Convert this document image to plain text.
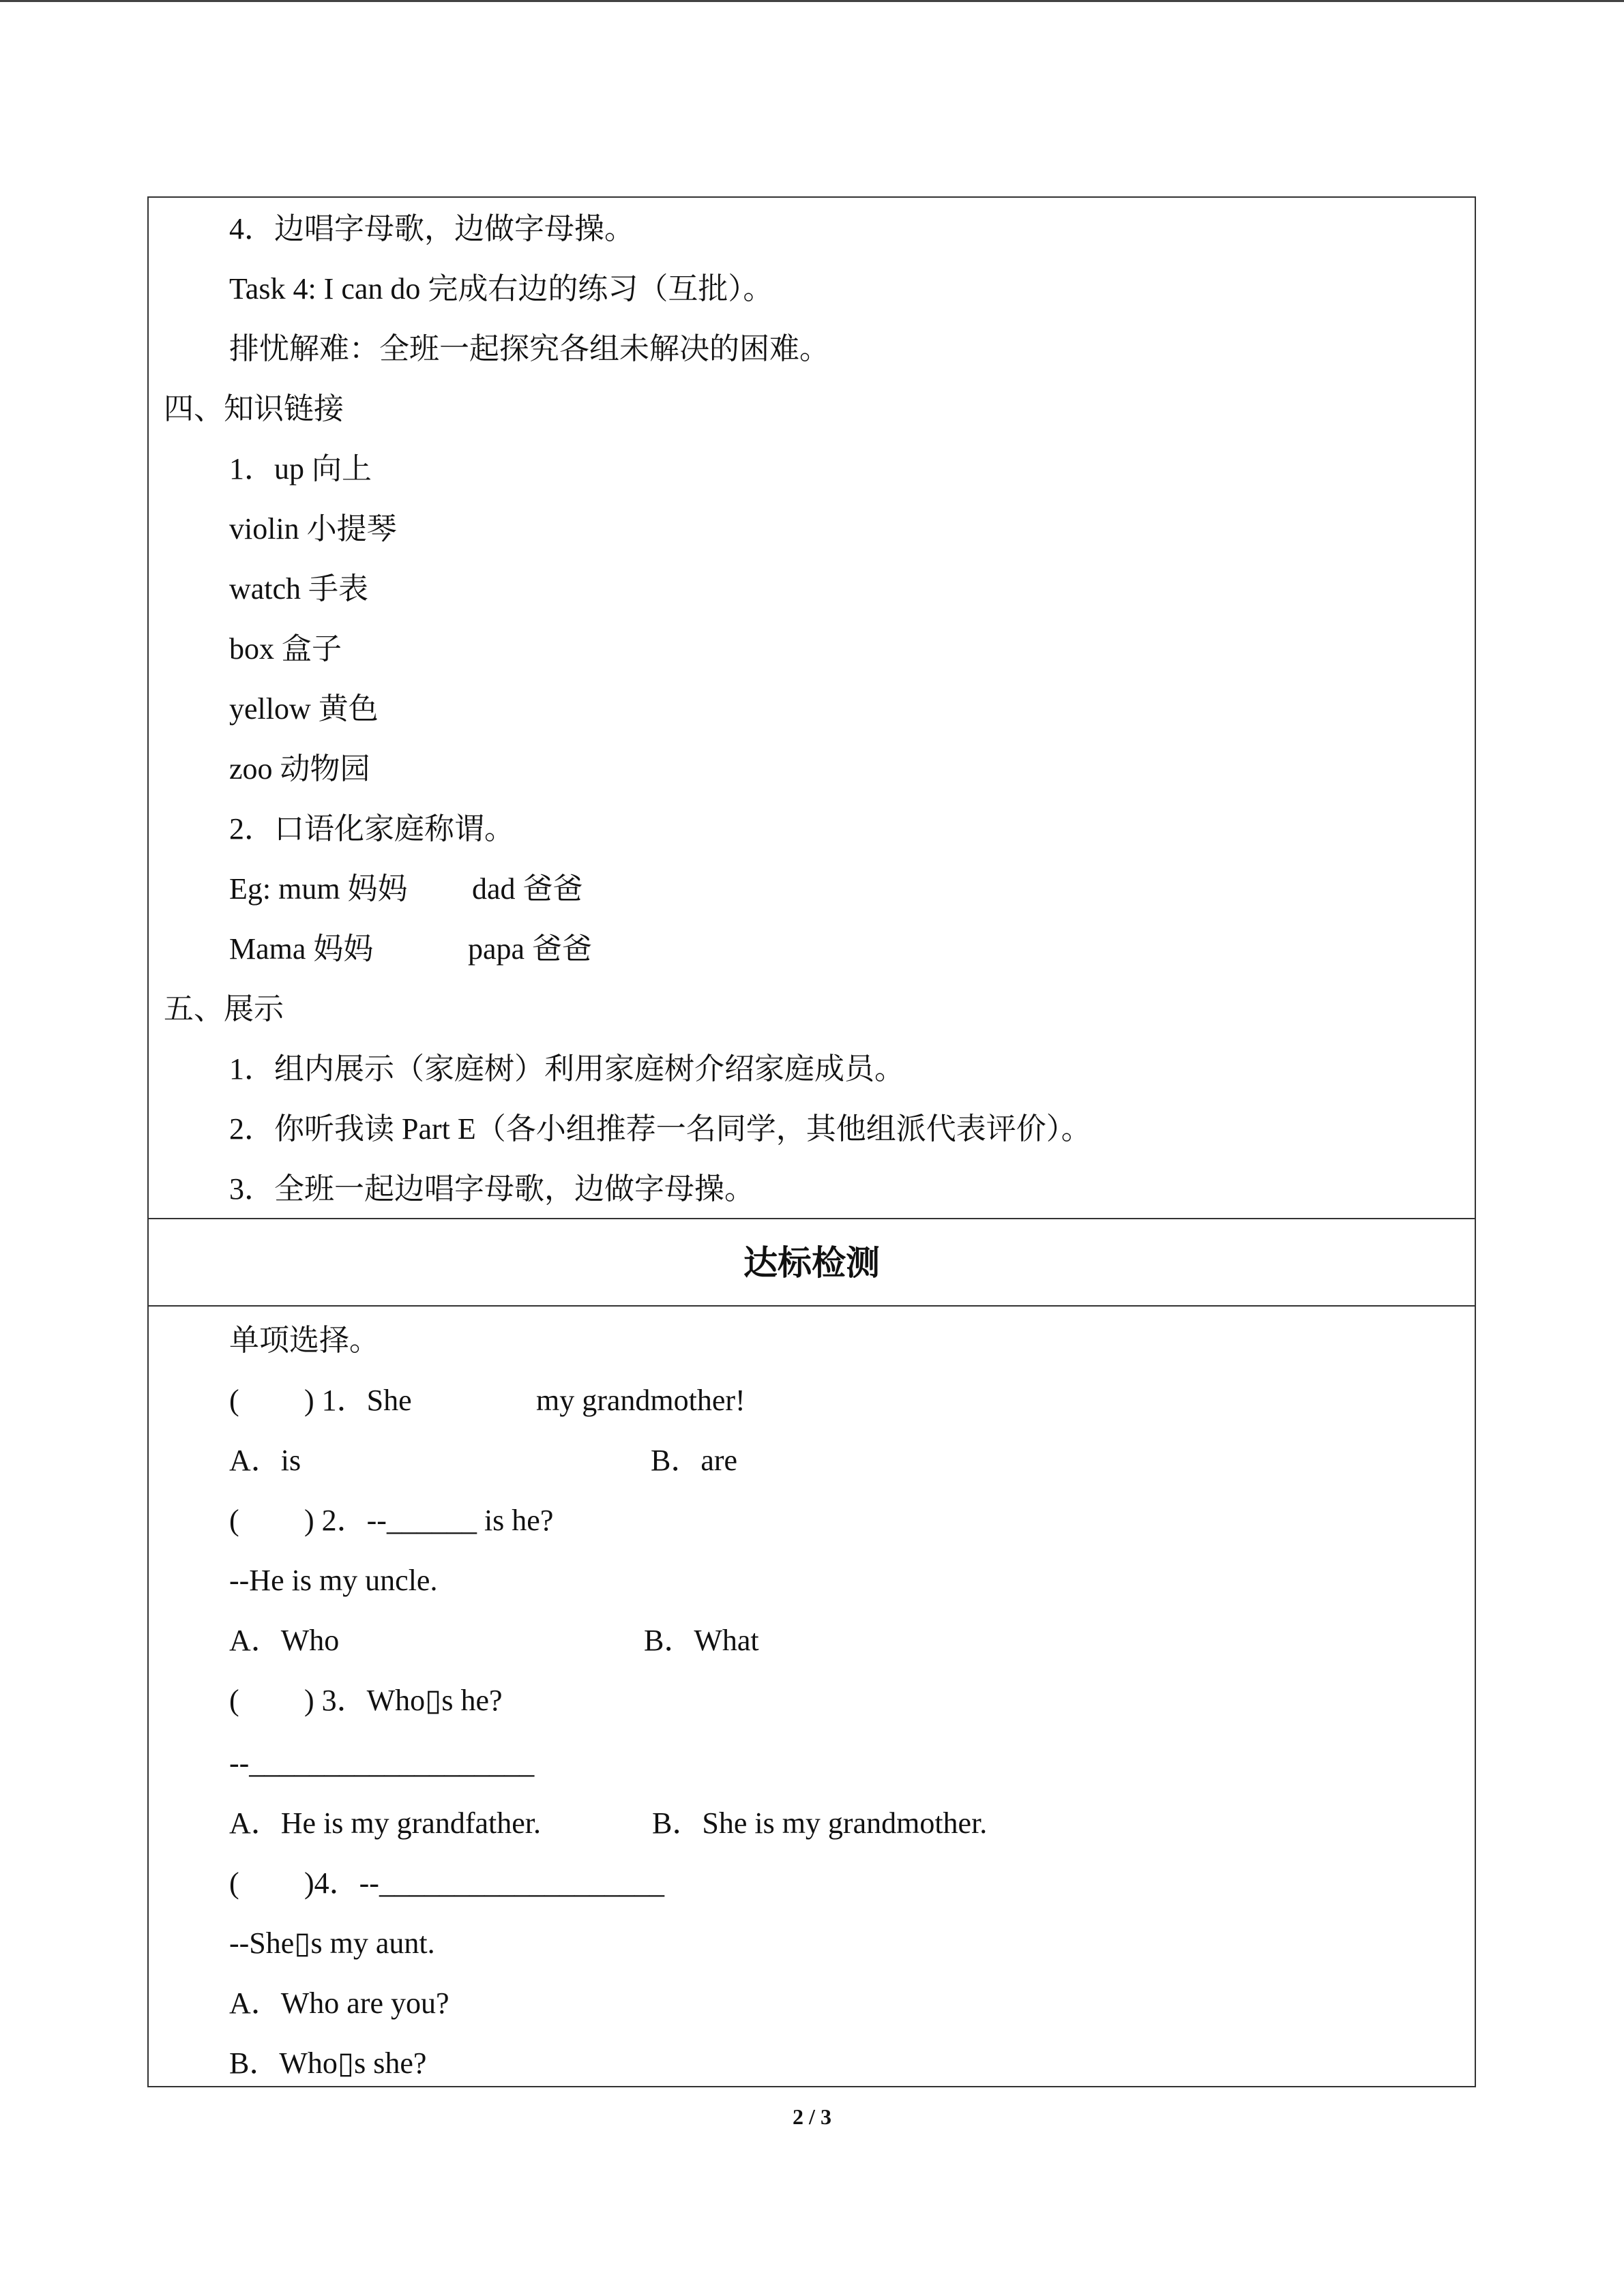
4．边唱字母歌，边做字母操。
Task 4: I can do 完成右边的练习（互批）。
排忧解难：全班一起探究各组未解决的困难。
四、知识链接
1．up 向上
violin 小提琴
watch 手表
box 盒子
yellow 黄色
zoo 动物园
2．口语化家庭称谓。
Eg: mum 妈妈 dad 爸爸
Mama 妈妈	papa 爸爸
五、展示
1．组内展示（家庭树）利用家庭树介绍家庭成员。
2．你听我读 Part E（各小组推荐一名同学，其他组派代表评价）。
3．全班一起边唱字母歌，边做字母操。
达标检测
单项选择。
( ) 1．She	my grandmother!
A．is	B．are
( ) 2．--______ is he?
--He is my uncle.
A．Who	B．What
( ) 3．Who▯s he?
--___________________
A．He is my grandfather.	B．She is my grandmother.
( )4．--___________________
--She▯s my aunt.
A．Who are you?
B．Who▯s she?
2 / 3
